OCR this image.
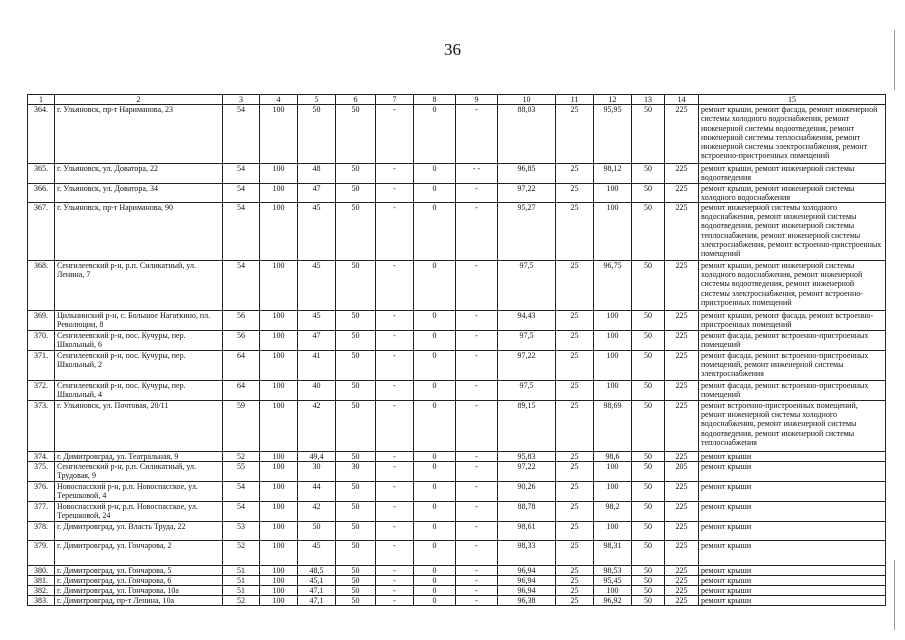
36
1	2	3	4	5	6	7	8	9	10	11	12	13	14	15
364.	г. Ульяновск, пр-т Нариманова, 23	54	100	50	50	-	0	-	88,03	25	95,95	50	225	ремонт крыши, ремонт фасада, ремонт инженерной системы холодного водоснабжения, ремонт инженерной системы водоотведения, ремонт инженерной системы теплоснабжения, ремонт инженерной системы электроснабжения, ремонт встроенно-пристроенных помещений
365.	г. Ульяновск, ул. Доватора, 22	54	100	48	50	-	0	- -	96,85	25	98,12	50	225	ремонт крыши, ремонт инженерной системы водоотведения
366.	г. Ульяновск, ул. Доватора, 34	54	100	47	50	-	0	-	97,22	25	100	50	225	ремонт крыши, ремонт инженерной системы холодного водоснабжения
367.	г. Ульяновск, пр-т Нариманова, 90	54	100	45	50	-	0	-	95,27	25	100	50	225	ремонт инженерной системы холодного водоснабжения, ремонт инженерной системы водоотведения, ремонт инженерной системы теплоснабжения, ремонт инженерной системы электроснабжения, ремонт встроенно-пристроенных помещений
368.	Сенгилеевский р-н, р.п. Силикатный, ул. Ленина, 7	54	100	45	50	-	0	-	97,5	25	96,75	50	225	ремонт крыши, ремонт инженерной системы холодного водоснабжения, ремонт инженерной системы водоотведения, ремонт инженерной системы электроснабжения, ремонт встроенно-пристроенных помещений
369.	Цильнинский р-н, с. Большое Нагаткино, пл. Революции, 8	56	100	45	50	-	0	-	94,43	25	100	50	225	ремонт крыши, ремонт фасада, ремонт встроенно-пристроенных помещений
370.	Сенгилеевский р-н, пос. Кучуры, пер. Школьный, 6	56	100	47	50	-	0	-	97,5	25	100	50	225	ремонт фасада, ремонт встроенно-пристроенных помещений
371.	Сенгилеевский р-н, пос. Кучуры, пер. Школьный, 2	64	100	41	50	-	0	-	97,22	25	100	50	225	ремонт фасада, ремонт встроенно-пристроенных помещений, ремонт инженерной системы электроснабжения
372.	Сенгилеевский р-н, пос. Кучуры, пер. Школьный, 4	64	100	40	50	-	0	-	97,5	25	100	50	225	ремонт фасада, ремонт встроенно-пристроенных помещений
373.	г. Ульяновск, ул. Почтовая, 20/11	59	100	42	50	-	0	-	89,15	25	98,69	50	225	ремонт встроенно-пристроенных помещений, ремонт инженерной системы холодного водоснабжения, ремонт инженерной системы водоотведения, ремонт инженерной системы теплоснабжения
374.	г. Димитровград, ул. Театральная, 9	52	100	49,4	50	-	0	-	95,83	25	98,6	50	225	ремонт крыши
375.	Сенгилеевский р-н, р.п. Силикатный, ул. Трудовая, 9	55	100	30	30	-	0	-	97,22	25	100	50	205	ремонт крыши
376.	Новоспасский р-н, р.п. Новоспасское, ул. Терешковой, 4	54	100	44	50	-	0	-	90,26	25	100	50	225	ремонт крыши
377.	Новоспасский р-н, р.п. Новоспасское, ул. Терешковой, 24	54	100	42	50	-	0	-	88,78	25	98,2	50	225	ремонт крыши
378.	г. Димитровград, ул. Власть Труда, 22	53	100	50	50	-	0	-	98,61	25	100	50	225	ремонт крыши
379.	г. Димитровград, ул. Гончарова, 2	52	100	45	50	-	0	-	98,33	25	98,31	50	225	ремонт крыши
380.	г. Димитровград, ул. Гончарова, 5	51	100	48,5	50	-	0	-	96,94	25	98,53	50	225	ремонт крыши
381.	г. Димитровград, ул. Гончарова, 6	51	100	45,1	50	-	0	-	96,94	25	95,45	50	225	ремонт крыши
382.	г. Димитровград, ул. Гончарова, 10а	51	100	47,1	50	-	0	-	96,94	25	100	50	225	ремонт крыши
383.	г. Димитровград, пр-т Ленина, 10а	52	100	47,1	50	-	0	-	96,38	25	96,92	50	225	ремонт крыши
